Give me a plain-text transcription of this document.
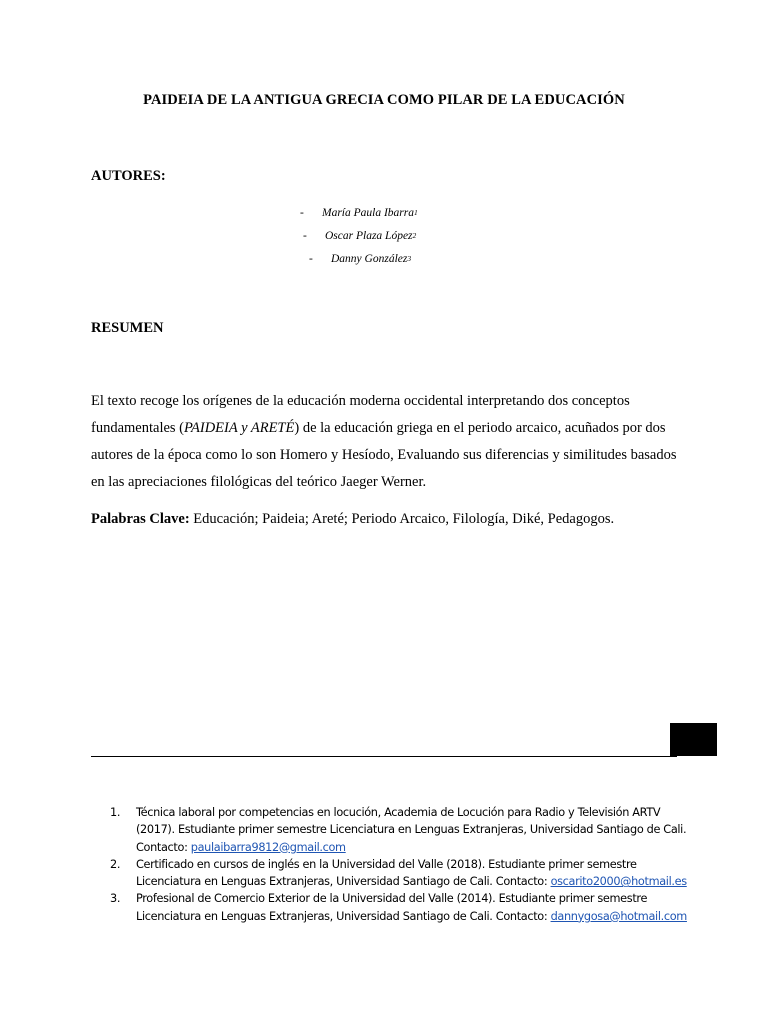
PAIDEIA DE LA ANTIGUA GRECIA COMO PILAR DE LA EDUCACIÓN
AUTORES:
-	María Paula Ibarra 1
-	Oscar Plaza López 2
-	Danny González 3
RESUMEN
El texto recoge los orígenes de la educación moderna occidental interpretando dos conceptos fundamentales (PAIDEIA y ARETÉ) de la educación griega en el periodo arcaico, acuñados por dos autores de la época como lo son Homero y Hesíodo, Evaluando sus diferencias y similitudes basados en las apreciaciones filológicas del teórico Jaeger Werner.
Palabras Clave: Educación; Paideia; Areté; Periodo Arcaico, Filología, Diké, Pedagogos.
1.	Técnica laboral por competencias en locución, Academia de Locución para Radio y Televisión ARTV (2017). Estudiante primer semestre Licenciatura en Lenguas Extranjeras, Universidad Santiago de Cali. Contacto: paulaibarra9812@gmail.com
2.	Certificado en cursos de inglés en la Universidad del Valle (2018). Estudiante primer semestre Licenciatura en Lenguas Extranjeras, Universidad Santiago de Cali. Contacto: oscarito2000@hotmail.es
3.	Profesional de Comercio Exterior de la Universidad del Valle (2014). Estudiante primer semestre Licenciatura en Lenguas Extranjeras, Universidad Santiago de Cali. Contacto: dannygosa@hotmail.com
